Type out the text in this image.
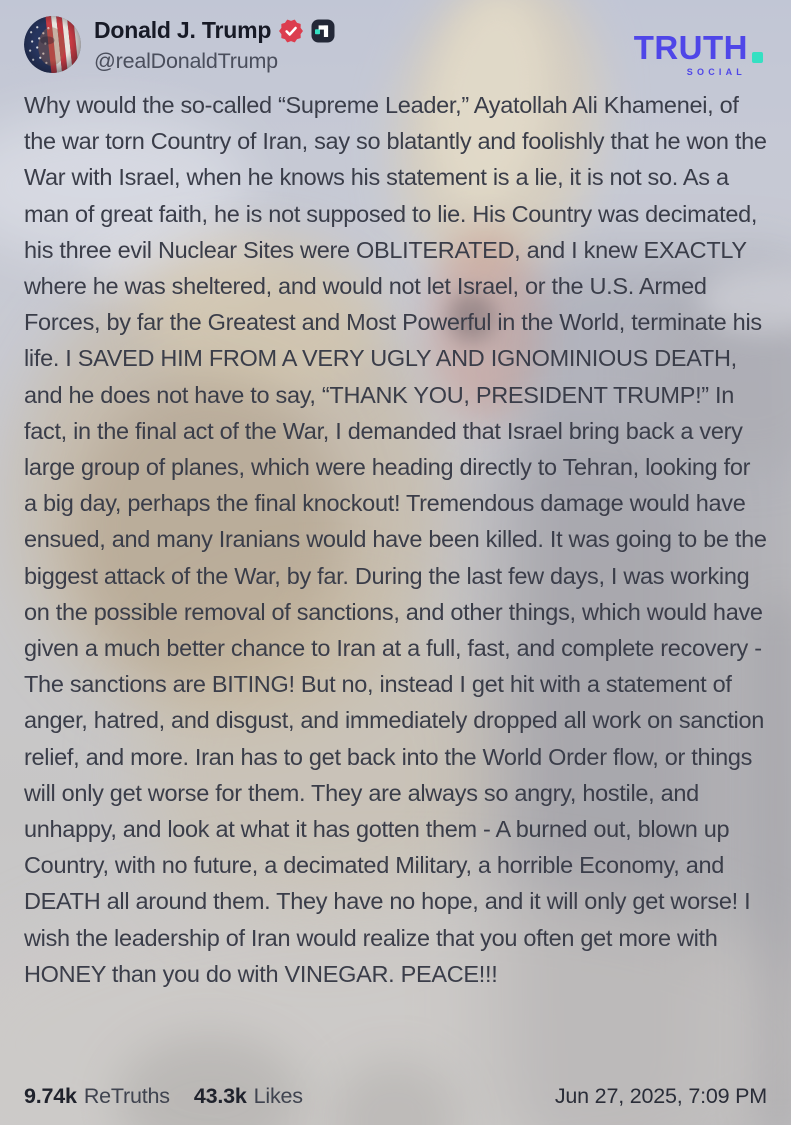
TRUTH
SOCIAL
Donald J. Trump
@realDonaldTrump
Why would the so-called “Supreme Leader,” Ayatollah Ali Khamenei, of the war torn Country of Iran, say so blatantly and foolishly that he won the War with Israel, when he knows his statement is a lie, it is not so. As a man of great faith, he is not supposed to lie. His Country was decimated, his three evil Nuclear Sites were OBLITERATED, and I knew EXACTLY where he was sheltered, and would not let Israel, or the U.S. Armed Forces, by far the Greatest and Most Powerful in the World, terminate his life. I SAVED HIM FROM A VERY UGLY AND IGNOMINIOUS DEATH, and he does not have to say, “THANK YOU, PRESIDENT TRUMP!” In fact, in the final act of the War, I demanded that Israel bring back a very large group of planes, which were heading directly to Tehran, looking for a big day, perhaps the final knockout! Tremendous damage would have ensued, and many Iranians would have been killed. It was going to be the biggest attack of the War, by far. During the last few days, I was working on the possible removal of sanctions, and other things, which would have given a much better chance to Iran at a full, fast, and complete recovery - The sanctions are BITING! But no, instead I get hit with a statement of anger, hatred, and disgust, and immediately dropped all work on sanction relief, and more. Iran has to get back into the World Order flow, or things will only get worse for them. They are always so angry, hostile, and unhappy, and look at what it has gotten them - A burned out, blown up Country, with no future, a decimated Military, a horrible Economy, and DEATH all around them. They have no hope, and it will only get worse! I wish the leadership of Iran would realize that you often get more with HONEY than you do with VINEGAR. PEACE!!!
9.74k ReTruths 43.3k Likes	Jun 27, 2025, 7:09 PM
